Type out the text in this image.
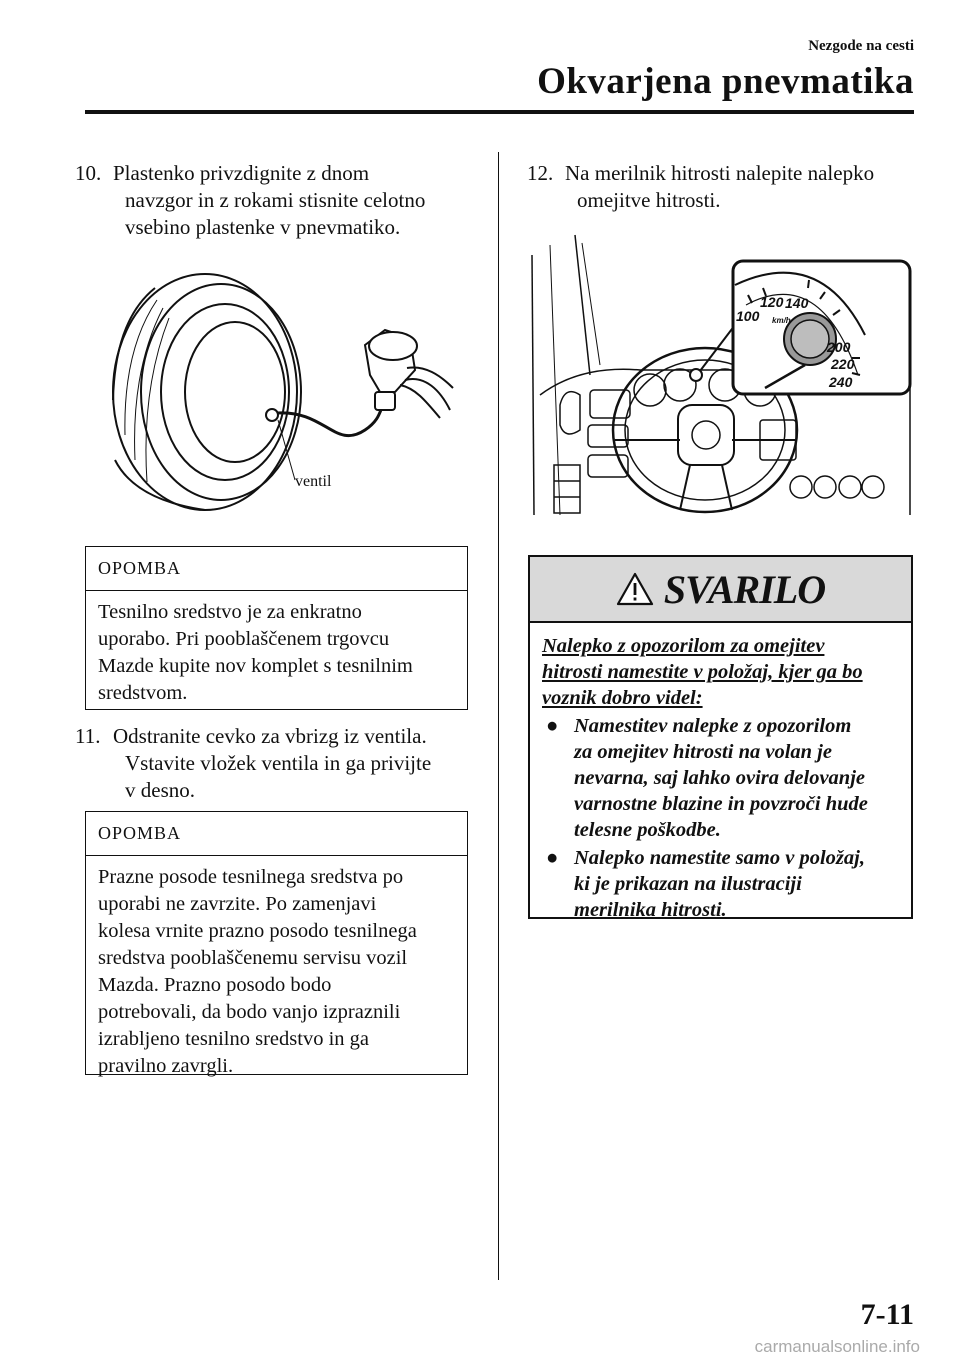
Nezgode na cesti
Okvarjena pnevmatika
10. Plastenko privzdignite z dnom
navzgor in z rokami stisnite celotno
vsebino plastenke v pnevmatiko.
ventil
OPOMBA
Tesnilno sredstvo je za enkratno
uporabo. Pri pooblaščenem trgovcu
Mazde kupite nov komplet s tesnilnim
sredstvom.
11. Odstranite cevko za vbrizg iz ventila.
Vstavite vložek ventila in ga privijte
v desno.
OPOMBA
Prazne posode tesnilnega sredstva po
uporabi ne zavrzite. Po zamenjavi
kolesa vrnite prazno posodo tesnilnega
sredstva pooblaščenemu servisu vozil
Mazda. Prazno posodo bodo
potrebovali, da bodo vanjo izpraznili
izrabljeno tesnilno sredstvo in ga
pravilno zavrgli.
12. Na merilnik hitrosti nalepite nalepko
omejitve hitrosti.
100
120 140
200
220
240
km/h
SVARILO
Nalepko z opozorilom za omejitev
hitrosti namestite v položaj, kjer ga bo
voznik dobro videl:
● Namestitev nalepke z opozorilom
za omejitev hitrosti na volan je
nevarna, saj lahko ovira delovanje
varnostne blazine in povzroči hude
telesne poškodbe.
● Nalepko namestite samo v položaj,
ki je prikazan na ilustraciji
merilnika hitrosti.
7-11
carmanualsonline.info
